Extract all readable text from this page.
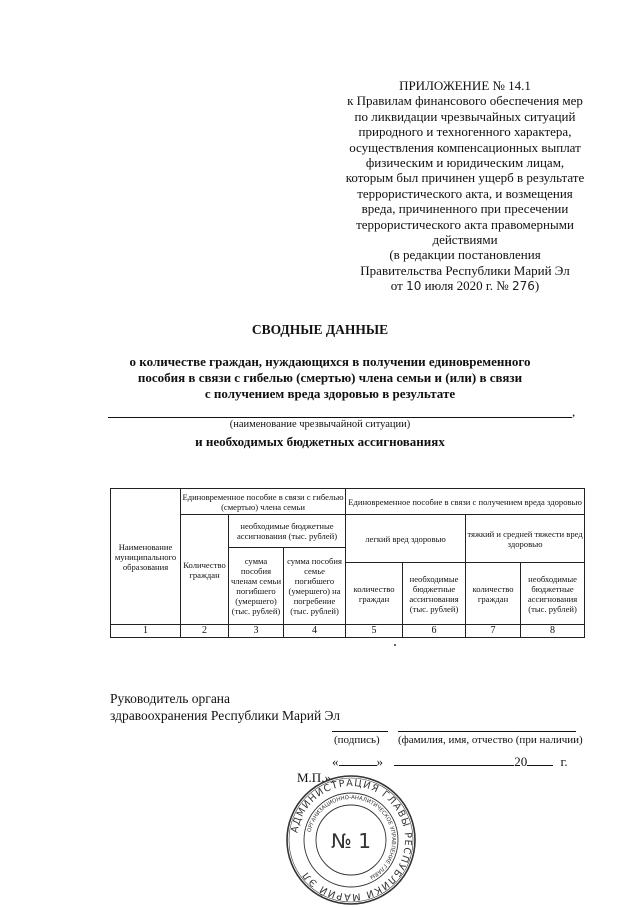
ПРИЛОЖЕНИЕ № 14.1
к Правилам финансового обеспечения мер
по ликвидации чрезвычайных ситуаций
природного и техногенного характера,
осуществления компенсационных выплат
физическим и юридическим лицам,
которым был причинен ущерб в результате
террористического акта, и возмещения
вреда, причиненного при пресечении
террористического акта правомерными
действиями
(в редакции постановления
Правительства Республики Марий Эл
от 10 июля 2020 г. № 276)
СВОДНЫЕ ДАННЫЕ
о количестве граждан, нуждающихся в получении единовременного
пособия в связи с гибелью (смертью) члена семьи и (или) в связи
с получением вреда здоровью в результате
,
(наименование чрезвычайной ситуации)
и необходимых бюджетных ассигнованиях
Наименование муниципального образования	Единовременное пособие в связи с гибелью (смертью) члена семьи			Единовременное пособие в связи с получением вреда здоровью			
	Количество граждан	необходимые бюджетные ассигнования (тыс. рублей)		легкий вред здоровью		тяжкий и средней тяжести вред здоровью	
		сумма пособия членам семьи погибшего (умершего) (тыс. рублей)	сумма пособия семье погибшего (умершего) на погребение (тыс. рублей)				
				количество граждан	необходимые бюджетные ассигнования (тыс. рублей)	количество граждан	необходимые бюджетные ассигнования (тыс. рублей)
1	2	3	4	5	6	7	8
Руководитель органа
здравоохранения Республики Марий Эл
(подпись) (фамилия, имя, отчество (при наличии)
«	»	20	г.
М.П.».
АДМИНИСТРАЦИЯ ГЛАВЫ РЕСПУБЛИКИ МАРИЙ ЭЛ
ОРГАНИЗАЦИОННО-АНАЛИТИЧЕСКОЕ УПРАВЛЕНИЕ ГЛАВЫ
№ 1
